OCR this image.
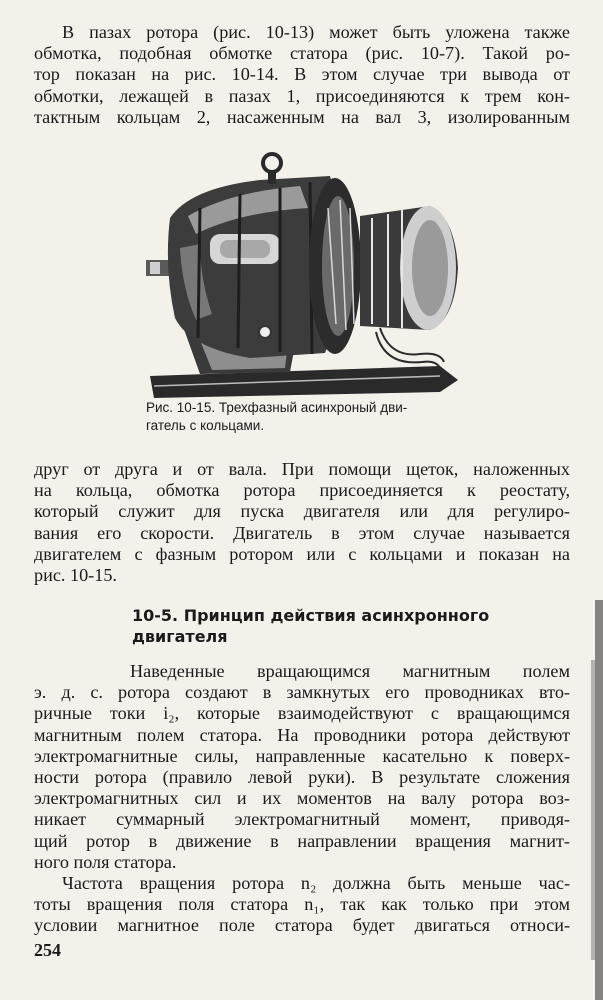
В пазах ротора (рис. 10-13) может быть уложена также
обмотка, подобная обмотке статора (рис. 10-7). Такой ро-
тор показан на рис. 10-14. В этом случае три вывода от
обмотки, лежащей в пазах 1, присоединяются к трем кон-
тактным кольцам 2, насаженным на вал 3, изолированным

Рис. 10-15. Трехфазный асинхроный дви-
гатель с кольцами.

друг от друга и от вала. При помощи щеток, наложенных
на кольца, обмотка ротора присоединяется к реостату,
который служит для пуска двигателя или для регулиро-
вания его скорости. Двигатель в этом случае называется
двигателем с фазным ротором или с кольцами и показан на
рис. 10-15.

10-5. Принцип действия асинхронного
двигателя

Наведенные вращающимся магнитным полем
э. д. с. ротора создают в замкнутых его проводниках вто-
ричные токи i₂, которые взаимодействуют с вращающимся
магнитным полем статора. На проводники ротора действуют
электромагнитные силы, направленные касательно к поверх-
ности ротора (правило левой руки). В результате сложения
электромагнитных сил и их моментов на валу ротора воз-
никает суммарный электромагнитный момент, приводя-
щий ротор в движение в направлении вращения магнит-
ного поля статора.

Частота вращения ротора n₂ должна быть меньше час-
тоты вращения поля статора n₁, так как только при этом
условии магнитное поле статора будет двигаться относи-

254
